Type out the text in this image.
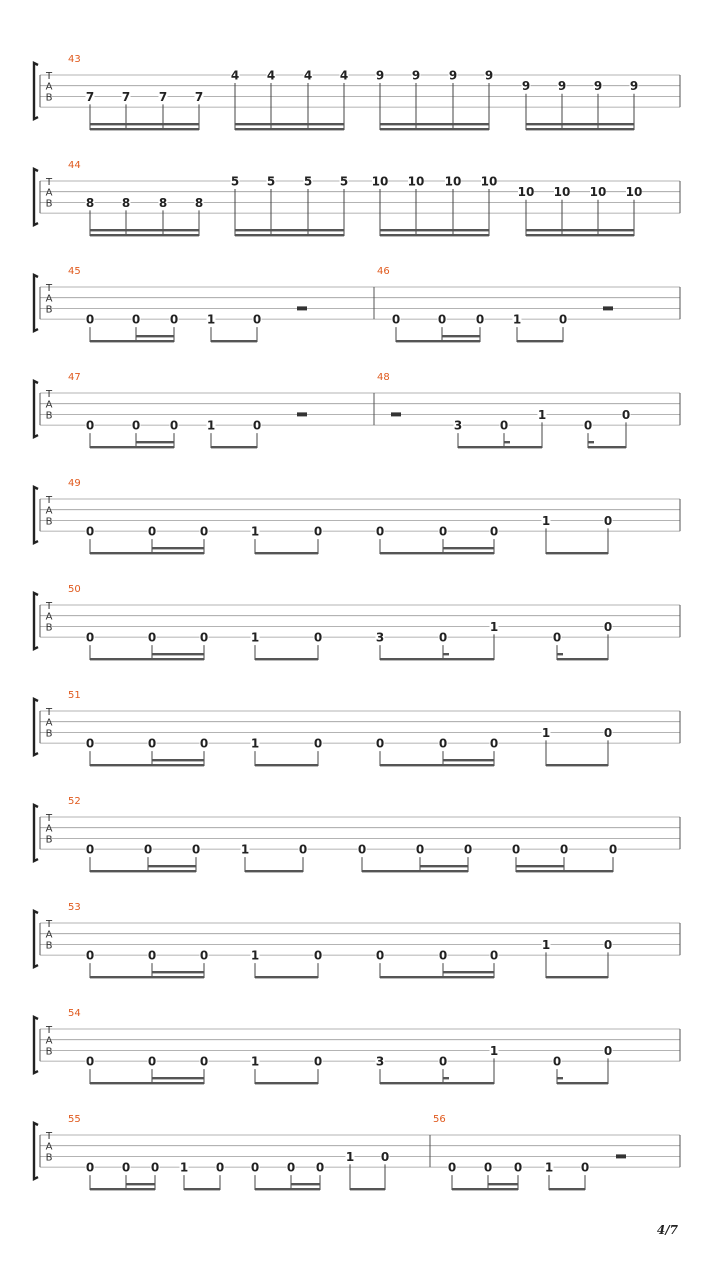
T
A
B
43
7 7 7 7
4 4 4 4 9 9 9 9
9 9 9 9
T
A
B
44
8 8 8 8
5 5 5 5 10 10 10 10
10 10 10 10
T
A
B
45
0	0 0 1	0
46
0	0 0 1	0
T
A
B
47
0	0 0 1	0
48
3	0
1
0
0
T
A
B
49
0	0	0	1	0	0	0	0
1	0
T
A
B
50
0	0	0	1	0	3	0
1
0
0
T
A
B
51
0	0	0	1	0	0	0	0
1	0
T
A
B
52
0	0	0	1	0	0	0	0	0	0	0
T
A
B
53
0	0	0	1	0	0	0	0
1	0
T
A
B
54
0	0	0	1	0	3	0
1
0
0
T
A
B
55
0 0 0 1 0 0 0 0
1 0
56
0 0 0 1 0
4/7
